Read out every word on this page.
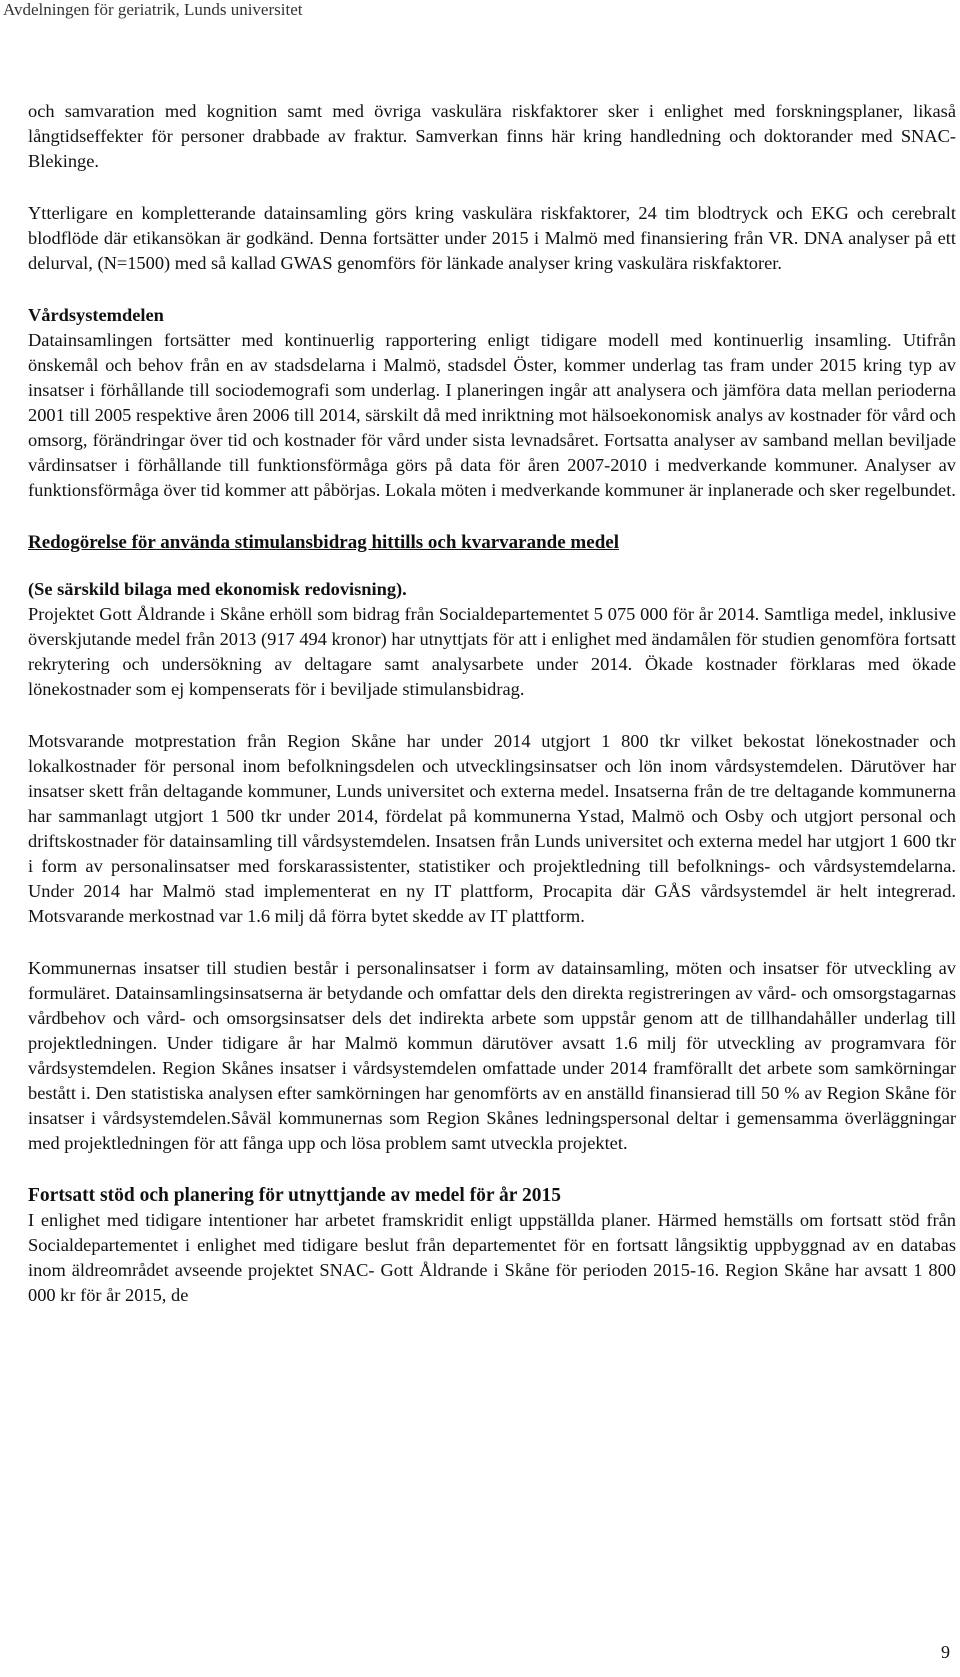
Avdelningen för geriatrik, Lunds universitet

och samvaration med kognition samt med övriga vaskulära riskfaktorer sker i enlighet med forskningsplaner, likaså långtidseffekter för personer drabbade av fraktur. Samverkan finns här kring handledning och doktorander med SNAC-Blekinge.

Ytterligare en kompletterande datainsamling görs kring vaskulära riskfaktorer, 24 tim blodtryck och EKG och cerebralt blodflöde där etikansökan är godkänd. Denna fortsätter under 2015 i Malmö med finansiering från VR. DNA analyser på ett delurval, (N=1500) med så kallad GWAS genomförs för länkade analyser kring vaskulära riskfaktorer.

Vårdsystemdelen

Datainsamlingen fortsätter med kontinuerlig rapportering enligt tidigare modell med kontinuerlig insamling. Utifrån önskemål och behov från en av stadsdelarna i Malmö, stadsdel Öster, kommer underlag tas fram under 2015 kring typ av insatser i förhållande till sociodemografi som underlag. I planeringen ingår att analysera och jämföra data mellan perioderna 2001 till 2005 respektive åren 2006 till 2014, särskilt då med inriktning mot hälsoekonomisk analys av kostnader för vård och omsorg, förändringar över tid och kostnader för vård under sista levnadsåret. Fortsatta analyser av samband mellan beviljade vårdinsatser i förhållande till funktionsförmåga görs på data för åren 2007-2010 i medverkande kommuner. Analyser av funktionsförmåga över tid kommer att påbörjas. Lokala möten i medverkande kommuner är inplanerade och sker regelbundet.

Redogörelse för använda stimulansbidrag hittills och kvarvarande medel
(Se särskild bilaga med ekonomisk redovisning).

Projektet Gott Åldrande i Skåne erhöll som bidrag från Socialdepartementet 5 075 000 för år 2014. Samtliga medel, inklusive överskjutande medel från 2013 (917 494 kronor) har utnyttjats för att i enlighet med ändamålen för studien genomföra fortsatt rekrytering och undersökning av deltagare samt analysarbete under 2014. Ökade kostnader förklaras med ökade lönekostnader som ej kompenserats för i beviljade stimulansbidrag.

Motsvarande motprestation från Region Skåne har under 2014 utgjort 1 800 tkr vilket bekostat lönekostnader och lokalkostnader för personal inom befolkningsdelen och utvecklingsinsatser och lön inom vårdsystemdelen. Därutöver har insatser skett från deltagande kommuner, Lunds universitet och externa medel. Insatserna från de tre deltagande kommunerna har sammanlagt utgjort 1 500 tkr under 2014, fördelat på kommunerna Ystad, Malmö och Osby och utgjort personal och driftskostnader för datainsamling till vårdsystemdelen. Insatsen från Lunds universitet och externa medel har utgjort 1 600 tkr i form av personalinsatser med forskarassistenter, statistiker och projektledning till befolknings- och vårdsystemdelarna. Under 2014 har Malmö stad implementerat en ny IT plattform, Procapita där GÅS vårdsystemdel är helt integrerad. Motsvarande merkostnad var 1.6 milj då förra bytet skedde av IT plattform.

Kommunernas insatser till studien består i personalinsatser i form av datainsamling, möten och insatser för utveckling av formuläret. Datainsamlingsinsatserna är betydande och omfattar dels den direkta registreringen av vård- och omsorgstagarnas vårdbehov och vård- och omsorgsinsatser dels det indirekta arbete som uppstår genom att de tillhandahåller underlag till projektledningen. Under tidigare år har Malmö kommun därutöver avsatt 1.6 milj för utveckling av programvara för vårdsystemdelen. Region Skånes insatser i vårdsystemdelen omfattade under 2014 framförallt det arbete som samkörningar bestått i. Den statistiska analysen efter samkörningen har genomförts av en anställd finansierad till 50 % av Region Skåne för insatser i vårdsystemdelen.Såväl kommunernas som Region Skånes ledningspersonal deltar i gemensamma överläggningar med projektledningen för att fånga upp och lösa problem samt utveckla projektet.

Fortsatt stöd och planering för utnyttjande av medel för år 2015

I enlighet med tidigare intentioner har arbetet framskridit enligt uppställda planer. Härmed hemställs om fortsatt stöd från Socialdepartementet i enlighet med tidigare beslut från departementet för en fortsatt långsiktig uppbyggnad av en databas inom äldreområdet avseende projektet SNAC- Gott Åldrande i Skåne för perioden 2015-16. Region Skåne har avsatt 1 800 000 kr för år 2015, de

9
